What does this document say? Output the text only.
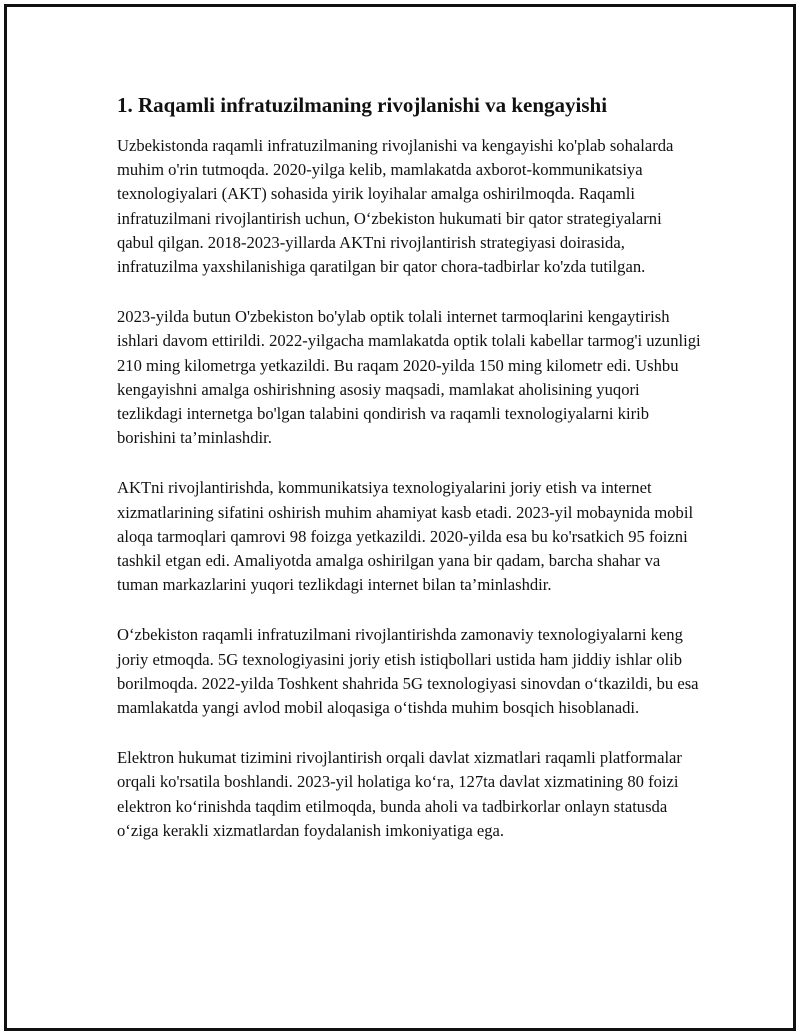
1. Raqamli infratuzilmaning rivojlanishi va kengayishi

Uzbekistonda raqamli infratuzilmaning rivojlanishi va kengayishi ko'plab sohalarda muhim o'rin tutmoqda. 2020-yilga kelib, mamlakatda axborot-kommunikatsiya texnologiyalari (AKT) sohasida yirik loyihalar amalga oshirilmoqda. Raqamli infratuzilmani rivojlantirish uchun, O‘zbekiston hukumati bir qator strategiyalarni qabul qilgan. 2018-2023-yillarda AKTni rivojlantirish strategiyasi doirasida, infratuzilma yaxshilanishiga qaratilgan bir qator chora-tadbirlar ko'zda tutilgan.

2023-yilda butun O'zbekiston bo'ylab optik tolali internet tarmoqlarini kengaytirish ishlari davom ettirildi. 2022-yilgacha mamlakatda optik tolali kabellar tarmog'i uzunligi 210 ming kilometrga yetkazildi. Bu raqam 2020-yilda 150 ming kilometr edi. Ushbu kengayishni amalga oshirishning asosiy maqsadi, mamlakat aholisining yuqori tezlikdagi internetga bo'lgan talabini qondirish va raqamli texnologiyalarni kirib borishini ta’minlashdir.

AKTni rivojlantirishda, kommunikatsiya texnologiyalarini joriy etish va internet xizmatlarining sifatini oshirish muhim ahamiyat kasb etadi. 2023-yil mobaynida mobil aloqa tarmoqlari qamrovi 98 foizga yetkazildi. 2020-yilda esa bu ko'rsatkich 95 foizni tashkil etgan edi. Amaliyotda amalga oshirilgan yana bir qadam, barcha shahar va tuman markazlarini yuqori tezlikdagi internet bilan ta’minlashdir.

O‘zbekiston raqamli infratuzilmani rivojlantirishda zamonaviy texnologiyalarni keng joriy etmoqda. 5G texnologiyasini joriy etish istiqbollari ustida ham jiddiy ishlar olib borilmoqda. 2022-yilda Toshkent shahrida 5G texnologiyasi sinovdan o‘tkazildi, bu esa mamlakatda yangi avlod mobil aloqasiga o‘tishda muhim bosqich hisoblanadi.

Elektron hukumat tizimini rivojlantirish orqali davlat xizmatlari raqamli platformalar orqali ko'rsatila boshlandi. 2023-yil holatiga ko‘ra, 127ta davlat xizmatining 80 foizi elektron ko‘rinishda taqdim etilmoqda, bunda aholi va tadbirkorlar onlayn statusda o‘ziga kerakli xizmatlardan foydalanish imkoniyatiga ega.
